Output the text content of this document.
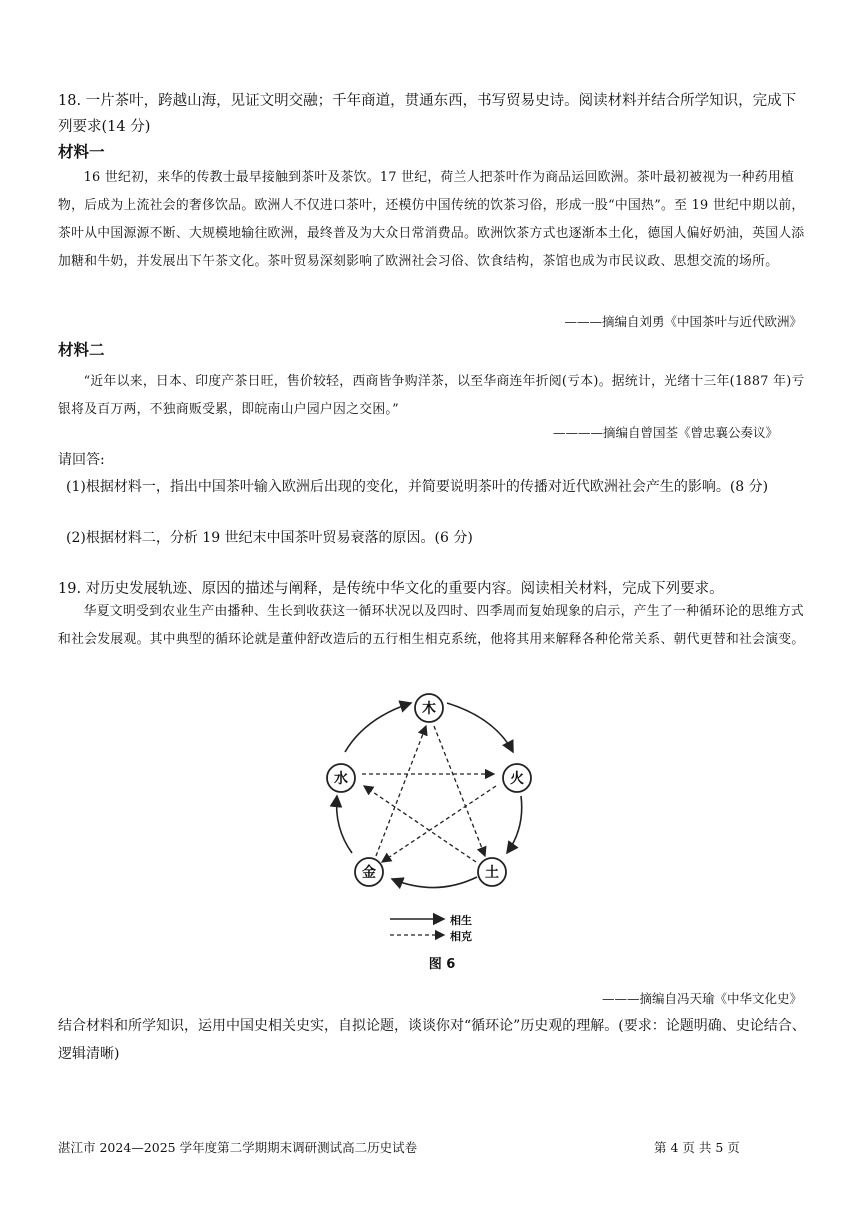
18. 一片茶叶，跨越山海，见证文明交融；千年商道，贯通东西，书写贸易史诗。阅读材料并结合所学知识，完成下列要求(14 分)
材料一
16 世纪初，来华的传教士最早接触到茶叶及茶饮。17 世纪，荷兰人把茶叶作为商品运回欧洲。茶叶最初被视为一种药用植物，后成为上流社会的奢侈饮品。欧洲人不仅进口茶叶，还模仿中国传统的饮茶习俗，形成一股“中国热”。至 19 世纪中期以前，茶叶从中国源源不断、大规模地输往欧洲，最终普及为大众日常消费品。欧洲饮茶方式也逐渐本土化，德国人偏好奶油，英国人添加糖和牛奶，并发展出下午茶文化。茶叶贸易深刻影响了欧洲社会习俗、饮食结构，茶馆也成为市民议政、思想交流的场所。
———摘编自刘勇《中国茶叶与近代欧洲》
材料二
“近年以来，日本、印度产茶日旺，售价较轻，西商皆争购洋茶，以至华商连年折阅(亏本)。据统计，光绪十三年(1887 年)亏银将及百万两，不独商贩受累，即皖南山户园户因之交困。”
————摘编自曾国荃《曾忠襄公奏议》
请回答:
(1)根据材料一，指出中国茶叶输入欧洲后出现的变化，并简要说明茶叶的传播对近代欧洲社会产生的影响。(8 分)
(2)根据材料二，分析 19 世纪末中国茶叶贸易衰落的原因。(6 分)
19. 对历史发展轨迹、原因的描述与阐释，是传统中华文化的重要内容。阅读相关材料，完成下列要求。
华夏文明受到农业生产由播种、生长到收获这一循环状况以及四时、四季周而复始现象的启示，产生了一种循环论的思维方式和社会发展观。其中典型的循环论就是董仲舒改造后的五行相生相克系统，他将其用来解释各种伦常关系、朝代更替和社会演变。
木
火
土
金
水
相生
相克
图 6
———摘编自冯天瑜《中华文化史》
结合材料和所学知识，运用中国史相关史实，自拟论题，谈谈你对“循环论”历史观的理解。(要求：论题明确、史论结合、逻辑清晰)
湛江市 2024—2025 学年度第二学期期末调研测试高二历史试卷	第 4 页 共 5 页
